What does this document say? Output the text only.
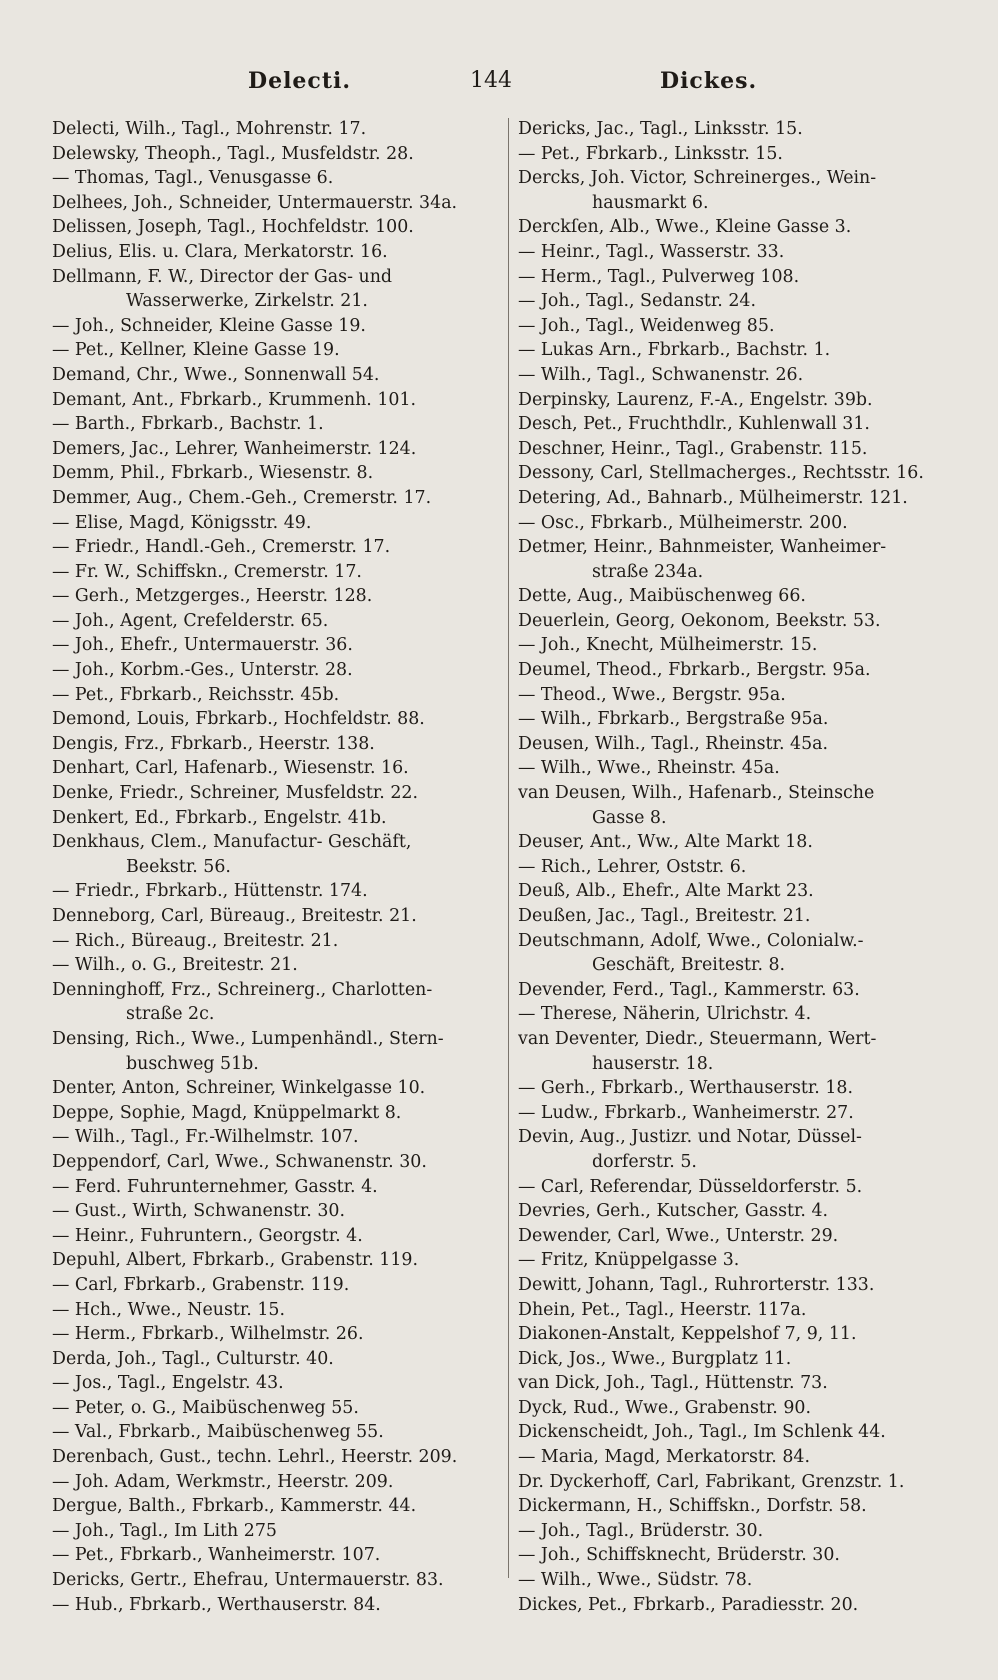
Delecti.	144	Dickes.
Delecti, Wilh., Tagl., Mohrenstr. 17.
Delewsky, Theoph., Tagl., Musfeldstr. 28.
— Thomas, Tagl., Venusgasse 6.
Delhees, Joh., Schneider, Untermauerstr. 34a.
Delissen, Joseph, Tagl., Hochfeldstr. 100.
Delius, Elis. u. Clara, Merkatorstr. 16.
Dellmann, F. W., Director der Gas- und
Wasserwerke, Zirkelstr. 21.
— Joh., Schneider, Kleine Gasse 19.
— Pet., Kellner, Kleine Gasse 19.
Demand, Chr., Wwe., Sonnenwall 54.
Demant, Ant., Fbrkarb., Krummenh. 101.
— Barth., Fbrkarb., Bachstr. 1.
Demers, Jac., Lehrer, Wanheimerstr. 124.
Demm, Phil., Fbrkarb., Wiesenstr. 8.
Demmer, Aug., Chem.-Geh., Cremerstr. 17.
— Elise, Magd, Königsstr. 49.
— Friedr., Handl.-Geh., Cremerstr. 17.
— Fr. W., Schiffskn., Cremerstr. 17.
— Gerh., Metzgerges., Heerstr. 128.
— Joh., Agent, Crefelderstr. 65.
— Joh., Ehefr., Untermauerstr. 36.
— Joh., Korbm.-Ges., Unterstr. 28.
— Pet., Fbrkarb., Reichsstr. 45b.
Demond, Louis, Fbrkarb., Hochfeldstr. 88.
Dengis, Frz., Fbrkarb., Heerstr. 138.
Denhart, Carl, Hafenarb., Wiesenstr. 16.
Denke, Friedr., Schreiner, Musfeldstr. 22.
Denkert, Ed., Fbrkarb., Engelstr. 41b.
Denkhaus, Clem., Manufactur- Geschäft,
Beekstr. 56.
— Friedr., Fbrkarb., Hüttenstr. 174.
Denneborg, Carl, Büreaug., Breitestr. 21.
— Rich., Büreaug., Breitestr. 21.
— Wilh., o. G., Breitestr. 21.
Denninghoff, Frz., Schreinerg., Charlotten-
straße 2c.
Densing, Rich., Wwe., Lumpenhändl., Stern-
buschweg 51b.
Denter, Anton, Schreiner, Winkelgasse 10.
Deppe, Sophie, Magd, Knüppelmarkt 8.
— Wilh., Tagl., Fr.-Wilhelmstr. 107.
Deppendorf, Carl, Wwe., Schwanenstr. 30.
— Ferd. Fuhrunternehmer, Gasstr. 4.
— Gust., Wirth, Schwanenstr. 30.
— Heinr., Fuhruntern., Georgstr. 4.
Depuhl, Albert, Fbrkarb., Grabenstr. 119.
— Carl, Fbrkarb., Grabenstr. 119.
— Hch., Wwe., Neustr. 15.
— Herm., Fbrkarb., Wilhelmstr. 26.
Derda, Joh., Tagl., Culturstr. 40.
— Jos., Tagl., Engelstr. 43.
— Peter, o. G., Maibüschenweg 55.
— Val., Fbrkarb., Maibüschenweg 55.
Derenbach, Gust., techn. Lehrl., Heerstr. 209.
— Joh. Adam, Werkmstr., Heerstr. 209.
Dergue, Balth., Fbrkarb., Kammerstr. 44.
— Joh., Tagl., Im Lith 275
— Pet., Fbrkarb., Wanheimerstr. 107.
Dericks, Gertr., Ehefrau, Untermauerstr. 83.
— Hub., Fbrkarb., Werthauserstr. 84.
Dericks, Jac., Tagl., Linksstr. 15.
— Pet., Fbrkarb., Linksstr. 15.
Dercks, Joh. Victor, Schreinerges., Wein-
hausmarkt 6.
Derckſen, Alb., Wwe., Kleine Gasse 3.
— Heinr., Tagl., Wasserstr. 33.
— Herm., Tagl., Pulverweg 108.
— Joh., Tagl., Sedanstr. 24.
— Joh., Tagl., Weidenweg 85.
— Lukas Arn., Fbrkarb., Bachstr. 1.
— Wilh., Tagl., Schwanenstr. 26.
Derpinsky, Laurenz, F.-A., Engelstr. 39b.
Desch, Pet., Fruchthdlr., Kuhlenwall 31.
Deschner, Heinr., Tagl., Grabenstr. 115.
Dessony, Carl, Stellmacherges., Rechtsstr. 16.
Detering, Ad., Bahnarb., Mülheimerstr. 121.
— Osc., Fbrkarb., Mülheimerstr. 200.
Detmer, Heinr., Bahnmeister, Wanheimer-
straße 234a.
Dette, Aug., Maibüschenweg 66.
Deuerlein, Georg, Oekonom, Beekstr. 53.
— Joh., Knecht, Mülheimerstr. 15.
Deumel, Theod., Fbrkarb., Bergstr. 95a.
— Theod., Wwe., Bergstr. 95a.
— Wilh., Fbrkarb., Bergstraße 95a.
Deusen, Wilh., Tagl., Rheinstr. 45a.
— Wilh., Wwe., Rheinstr. 45a.
van Deusen, Wilh., Hafenarb., Steinsche
Gasse 8.
Deuser, Ant., Ww., Alte Markt 18.
— Rich., Lehrer, Oststr. 6.
Deuß, Alb., Ehefr., Alte Markt 23.
Deußen, Jac., Tagl., Breitestr. 21.
Deutschmann, Adolf, Wwe., Colonialw.-
Geschäft, Breitestr. 8.
Devender, Ferd., Tagl., Kammerstr. 63.
— Therese, Näherin, Ulrichstr. 4.
van Deventer, Diedr., Steuermann, Wert-
hauserstr. 18.
— Gerh., Fbrkarb., Werthauserstr. 18.
— Ludw., Fbrkarb., Wanheimerstr. 27.
Devin, Aug., Justizr. und Notar, Düssel-
dorferstr. 5.
— Carl, Referendar, Düsseldorferstr. 5.
Devries, Gerh., Kutscher, Gasstr. 4.
Dewender, Carl, Wwe., Unterstr. 29.
— Fritz, Knüppelgasse 3.
Dewitt, Johann, Tagl., Ruhrorterstr. 133.
Dhein, Pet., Tagl., Heerstr. 117a.
Diakonen-Anstalt, Keppelshof 7, 9, 11.
Dick, Jos., Wwe., Burgplatz 11.
van Dick, Joh., Tagl., Hüttenstr. 73.
Dyck, Rud., Wwe., Grabenstr. 90.
Dickenscheidt, Joh., Tagl., Im Schlenk 44.
— Maria, Magd, Merkatorstr. 84.
Dr. Dyckerhoff, Carl, Fabrikant, Grenzstr. 1.
Dickermann, H., Schiffskn., Dorfstr. 58.
— Joh., Tagl., Brüderstr. 30.
— Joh., Schiffsknecht, Brüderstr. 30.
— Wilh., Wwe., Südstr. 78.
Dickes, Pet., Fbrkarb., Paradiesstr. 20.
